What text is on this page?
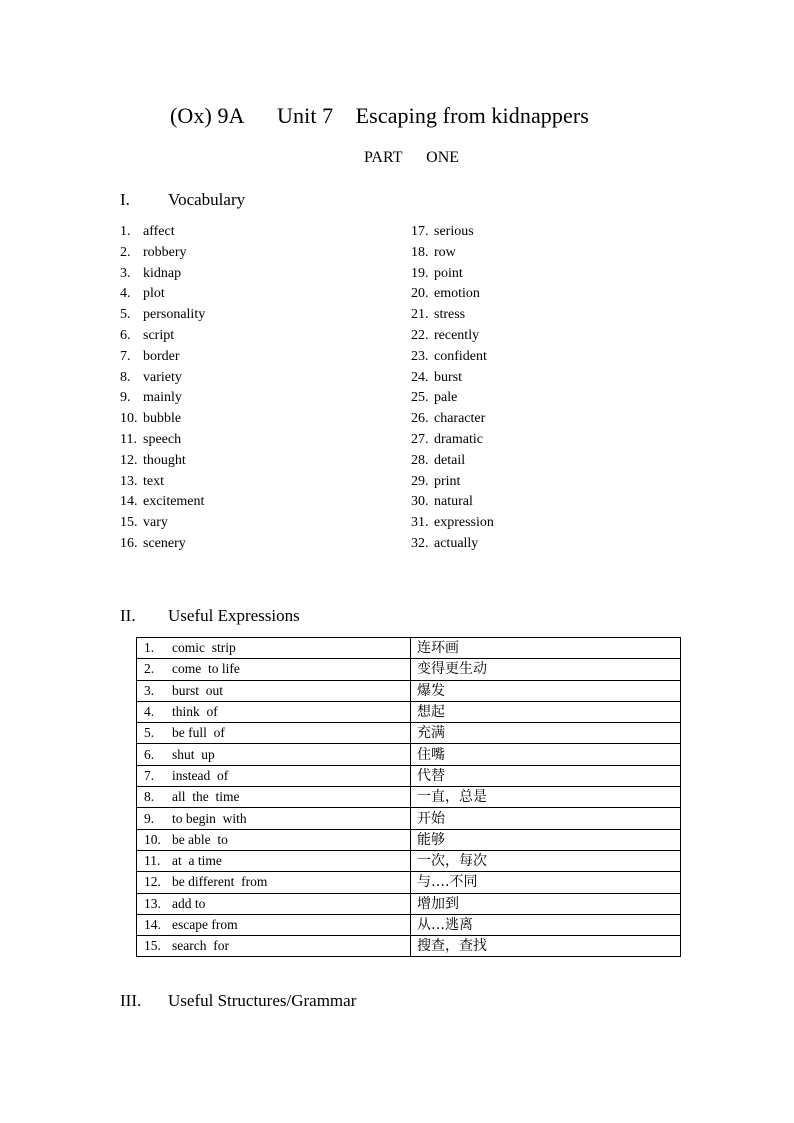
(Ox) 9A      Unit 7    Escaping from kidnappers
PART      ONE
I. Vocabulary
1. affect
2. robbery
3. kidnap
4. plot
5. personality
6. script
7. border
8. variety
9. mainly
10. bubble
11. speech
12. thought
13. text
14. excitement
15. vary
16. scenery
17. serious
18. row
19. point
20. emotion
21. stress
22. recently
23. confident
24. burst
25. pale
26. character
27. dramatic
28. detail
29. print
30. natural
31. expression
32. actually
II. Useful Expressions
1. comic  strip	连环画
2. come  to life	变得更生动
3. burst  out	爆发
4. think  of	想起
5. be full  of	充满
6. shut  up	住嘴
7. instead  of	代替
8. all  the  time	一直，总是
9. to begin  with	开始
10. be able  to	能够
11. at  a time	一次，每次
12. be different  from	与….不同
13. add to	增加到
14. escape from	从…逃离
15. search  for	搜查，查找
III. Useful Structures/Grammar
